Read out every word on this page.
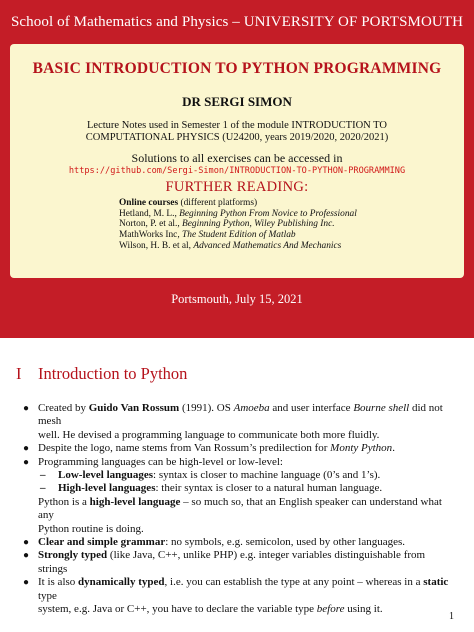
School of Mathematics and Physics – UNIVERSITY OF PORTSMOUTH
BASIC INTRODUCTION TO PYTHON PROGRAMMING
DR SERGI SIMON
Lecture Notes used in Semester 1 of the module INTRODUCTION TO
COMPUTATIONAL PHYSICS (U24200, years 2019/2020, 2020/2021)
Solutions to all exercises can be accessed in
https://github.com/Sergi-Simon/INTRODUCTION-TO-PYTHON-PROGRAMMING
FURTHER READING:
Online courses (different platforms)
Hetland, M. L., Beginning Python From Novice to Professional
Norton, P. et al., Beginning Python, Wiley Publishing Inc.
MathWorks Inc, The Student Edition of Matlab
Wilson, H. B. et al, Advanced Mathematics And Mechanics
Portsmouth, July 15, 2021
I Introduction to Python
● Created by Guido Van Rossum (1991). OS Amoeba and user interface Bourne shell did not mesh
well. He devised a programming language to communicate both more fluidly.
● Despite the logo, name stems from Van Rossum’s predilection for Monty Python.
● Programming languages can be high-level or low-level:
– Low-level languages: syntax is closer to machine language (0’s and 1’s).
– High-level languages: their syntax is closer to a natural human language.
Python is a high-level language – so much so, that an English speaker can understand what any
Python routine is doing.
● Clear and simple grammar: no symbols, e.g. semicolon, used by other languages.
● Strongly typed (like Java, C++, unlike PHP) e.g. integer variables distinguishable from strings
● It is also dynamically typed, i.e. you can establish the type at any point – whereas in a static type
system, e.g. Java or C++, you have to declare the variable type before using it.
1
